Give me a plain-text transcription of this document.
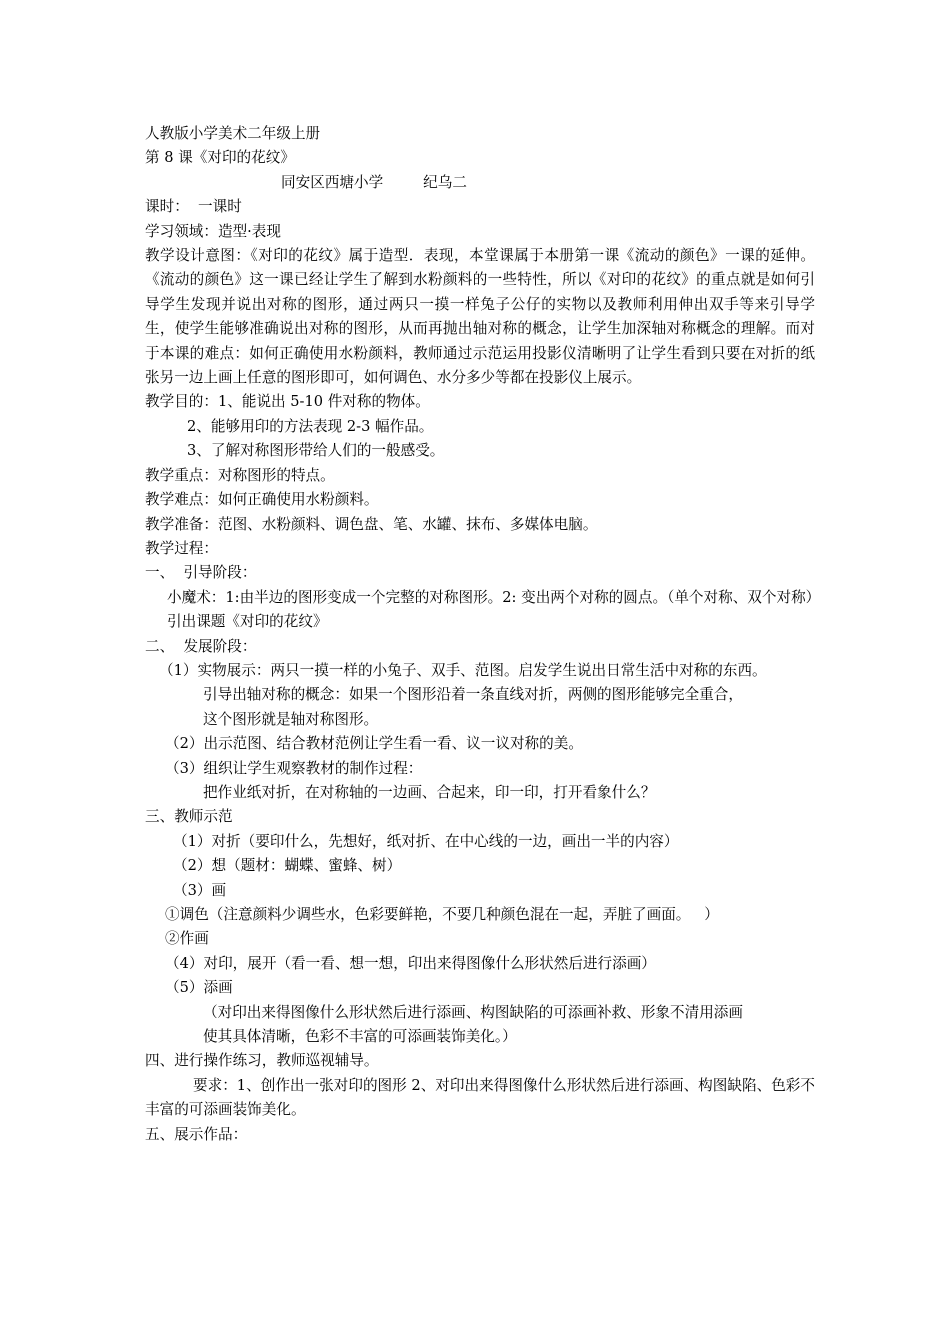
人教版小学美术二年级上册

第 8 课《对印的花纹》

同安区西塘小学	纪乌二

课时：  一课时

学习领域：造型·表现

教学设计意图：《对印的花纹》属于造型．表现，本堂课属于本册第一课《流动的颜色》一课的延伸。《流动的颜色》这一课已经让学生了解到水粉颜料的一些特性，所以《对印的花纹》的重点就是如何引导学生发现并说出对称的图形，通过两只一摸一样兔子公仔的实物以及教师利用伸出双手等来引导学生，使学生能够准确说出对称的图形，从而再抛出轴对称的概念，让学生加深轴对称概念的理解。而对于本课的难点：如何正确使用水粉颜料，教师通过示范运用投影仪清晰明了让学生看到只要在对折的纸张另一边上画上任意的图形即可，如何调色、水分多少等都在投影仪上展示。

教学目的：1、能说出 5-10 件对称的物体。

2、能够用印的方法表现 2-3 幅作品。

3、了解对称图形带给人们的一般感受。

教学重点：对称图形的特点。

教学难点：如何正确使用水粉颜料。

教学准备：范图、水粉颜料、调色盘、笔、水罐、抹布、多媒体电脑。

教学过程：

一、  引导阶段：

小魔术：1:由半边的图形变成一个完整的对称图形。2: 变出两个对称的圆点。（单个对称、双个对称）

引出课题《对印的花纹》

二、  发展阶段：

（1）实物展示：两只一摸一样的小兔子、双手、范图。启发学生说出日常生活中对称的东西。

引导出轴对称的概念：如果一个图形沿着一条直线对折，两侧的图形能够完全重合，

这个图形就是轴对称图形。

（2）出示范图、结合教材范例让学生看一看、议一议对称的美。

（3）组织让学生观察教材的制作过程：

把作业纸对折，在对称轴的一边画、合起来，印一印，打开看象什么？

三、教师示范

（1）对折（要印什么，先想好，纸对折、在中心线的一边，画出一半的内容）

（2）想（题材：蝴蝶、蜜蜂、树）

（3）画

①调色（注意颜料少调些水，色彩要鲜艳，不要几种颜色混在一起，弄脏了画面。   ）

②作画

（4）对印，展开（看一看、想一想，印出来得图像什么形状然后进行添画）

（5）添画

（对印出来得图像什么形状然后进行添画、构图缺陷的可添画补救、形象不清用添画

使其具体清晰，色彩不丰富的可添画装饰美化。）

四、进行操作练习，教师巡视辅导。

要求：1、创作出一张对印的图形 2、对印出来得图像什么形状然后进行添画、构图缺陷、色彩不丰富的可添画装饰美化。

五、展示作品：
